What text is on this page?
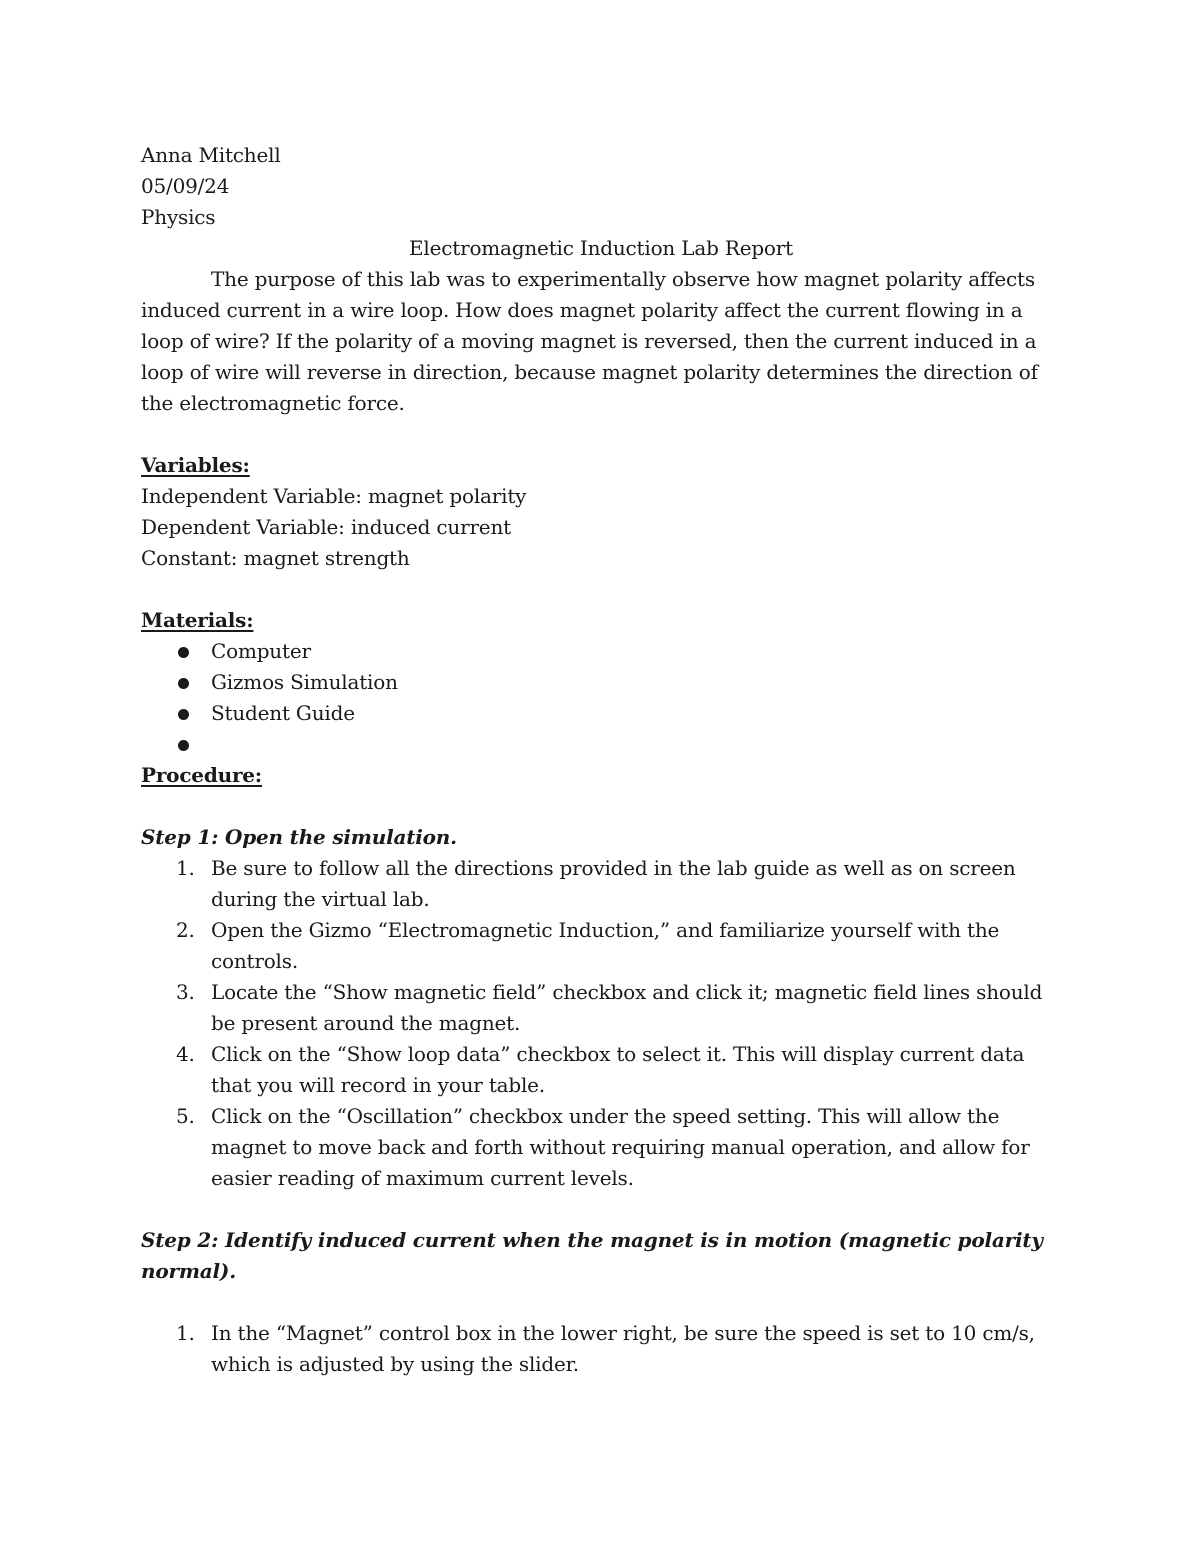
Anna Mitchell

05/09/24

Physics

Electromagnetic Induction Lab Report

The purpose of this lab was to experimentally observe how magnet polarity affects induced current in a wire loop. How does magnet polarity affect the current flowing in a loop of wire? If the polarity of a moving magnet is reversed, then the current induced in a loop of wire will reverse in direction, because magnet polarity determines the direction of the electromagnetic force.

Variables:

Independent Variable: magnet polarity

Dependent Variable: induced current

Constant: magnet strength

Materials:

Computer
Gizmos Simulation
Student Guide

Procedure:

Step 1: Open the simulation.

1. Be sure to follow all the directions provided in the lab guide as well as on screen during the virtual lab.
2. Open the Gizmo “Electromagnetic Induction,” and familiarize yourself with the controls.
3. Locate the “Show magnetic field” checkbox and click it; magnetic field lines should be present around the magnet.
4. Click on the “Show loop data” checkbox to select it. This will display current data that you will record in your table.
5. Click on the “Oscillation” checkbox under the speed setting. This will allow the magnet to move back and forth without requiring manual operation, and allow for easier reading of maximum current levels.

Step 2: Identify induced current when the magnet is in motion (magnetic polarity normal).

1. In the “Magnet” control box in the lower right, be sure the speed is set to 10 cm/s, which is adjusted by using the slider.
